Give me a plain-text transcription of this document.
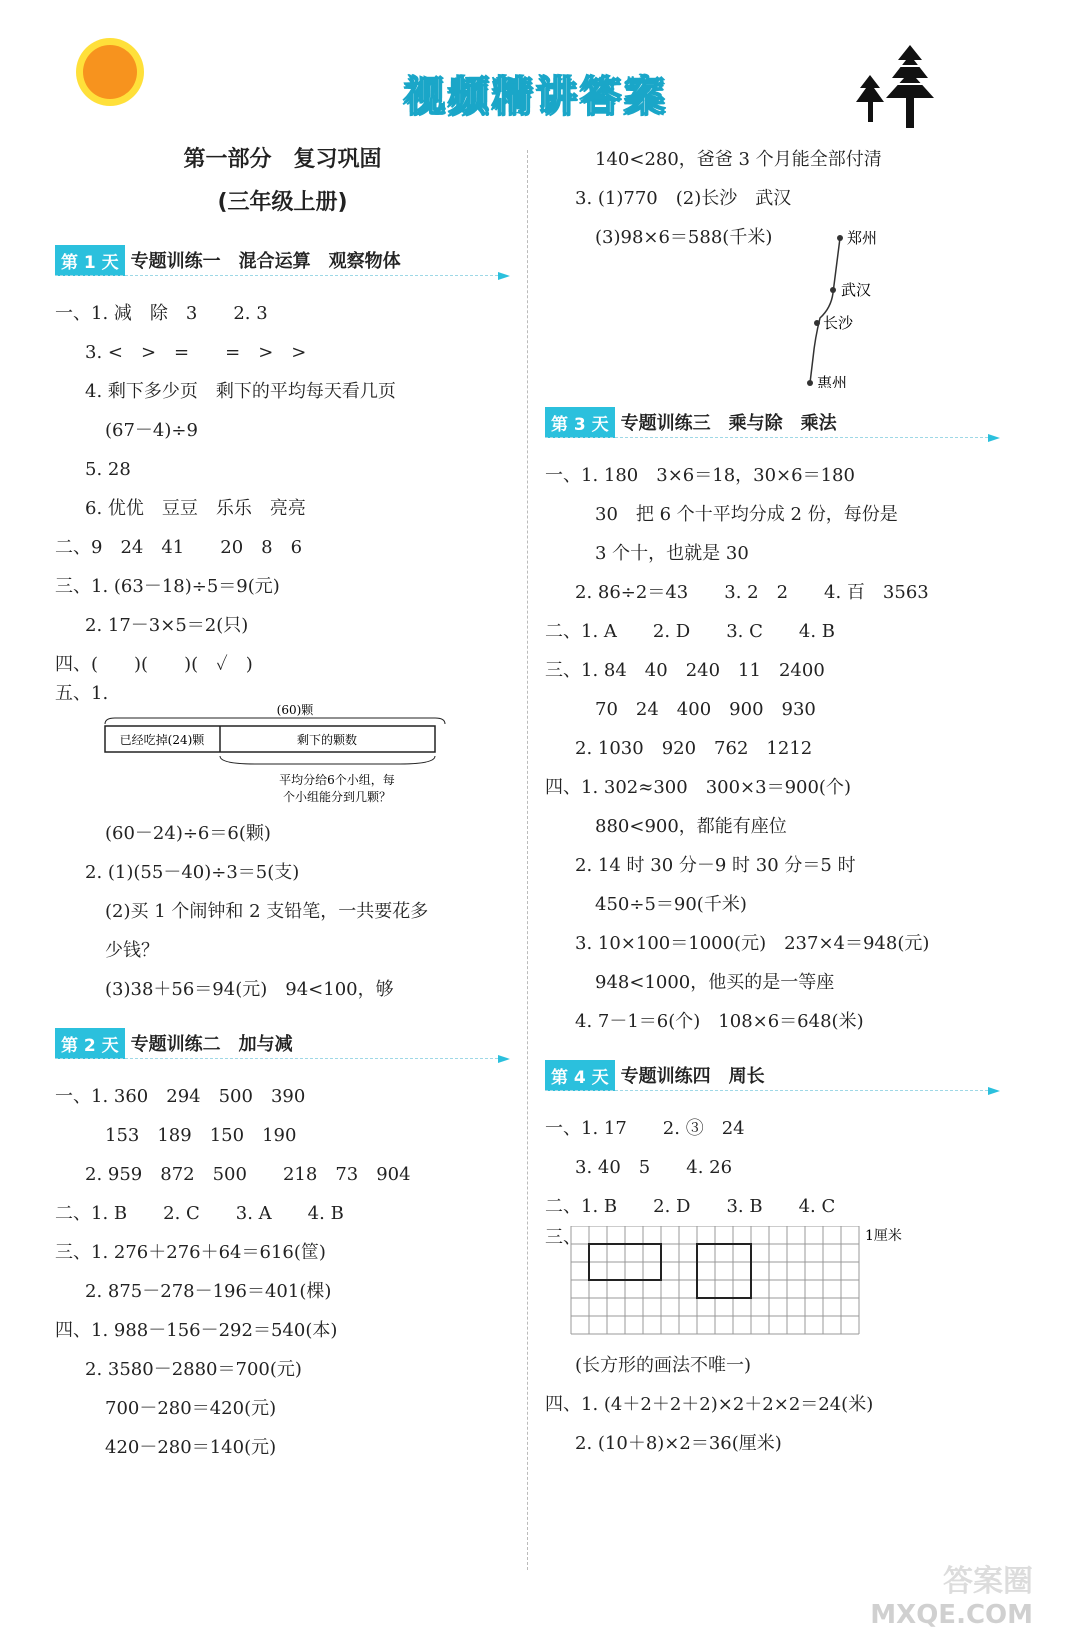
视频精讲答案
第一部分　复习巩固
(三年级上册)
第 1 天 专题训练一　混合运算　观察物体
一、1. 减　除　3　　2. 3
3. <　>　=　　=　>　>
4. 剩下多少页　剩下的平均每天看几页
(67－4)÷9
5. 28
6. 优优　豆豆　乐乐　亮亮
二、9　24　41　　20　8　6
三、1. (63－18)÷5＝9(元)
2. 17－3×5＝2(只)
四、(　　)(　　)(　✓　)
五、1.
(60)颗
已经吃掉(24)颗	剩下的颗数
平均分给6个小组，每
个小组能分到几颗？
(60－24)÷6＝6(颗)
2. (1)(55－40)÷3＝5(支)
(2)买 1 个闹钟和 2 支铅笔，一共要花多
少钱？
(3)38＋56＝94(元)　94<100，够
第 2 天 专题训练二　加与减
一、1. 360　294　500　390
153　189　150　190
2. 959　872　500　　218　73　904
二、1. B　　2. C　　3. A　　4. B
三、1. 276＋276＋64＝616(筐)
2. 875－278－196＝401(棵)
四、1. 988－156－292＝540(本)
2. 3580－2880＝700(元)
700－280＝420(元)
420－280＝140(元)
140<280，爸爸 3 个月能全部付清
3. (1)770　(2)长沙　武汉
(3)98×6＝588(千米)	郑州
武汉
长沙
惠州
第 3 天 专题训练三　乘与除　乘法
一、1. 180　3×6＝18，30×6＝180
30　把 6 个十平均分成 2 份，每份是
3 个十，也就是 30
2. 86÷2＝43　　3. 2　2　　4. 百　3563
二、1. A　　2. D　　3. C　　4. B
三、1. 84　40　240　11　2400
70　24　400　900　930
2. 1030　920　762　1212
四、1. 302≈300　300×3＝900(个)
880<900，都能有座位
2. 14 时 30 分－9 时 30 分＝5 时
450÷5＝90(千米)
3. 10×100＝1000(元)　237×4＝948(元)
948<1000，他买的是一等座
4. 7－1＝6(个)　108×6＝648(米)
第 4 天 专题训练四　周长
一、1. 17　　2. ③　24
3. 40　5　　4. 26
二、1. B　　2. D　　3. B　　4. C
三、	1厘米
(长方形的画法不唯一)
四、1. (4＋2＋2＋2)×2＋2×2＝24(米)
2. (10＋8)×2＝36(厘米)
答案圈
MXQE.COM
